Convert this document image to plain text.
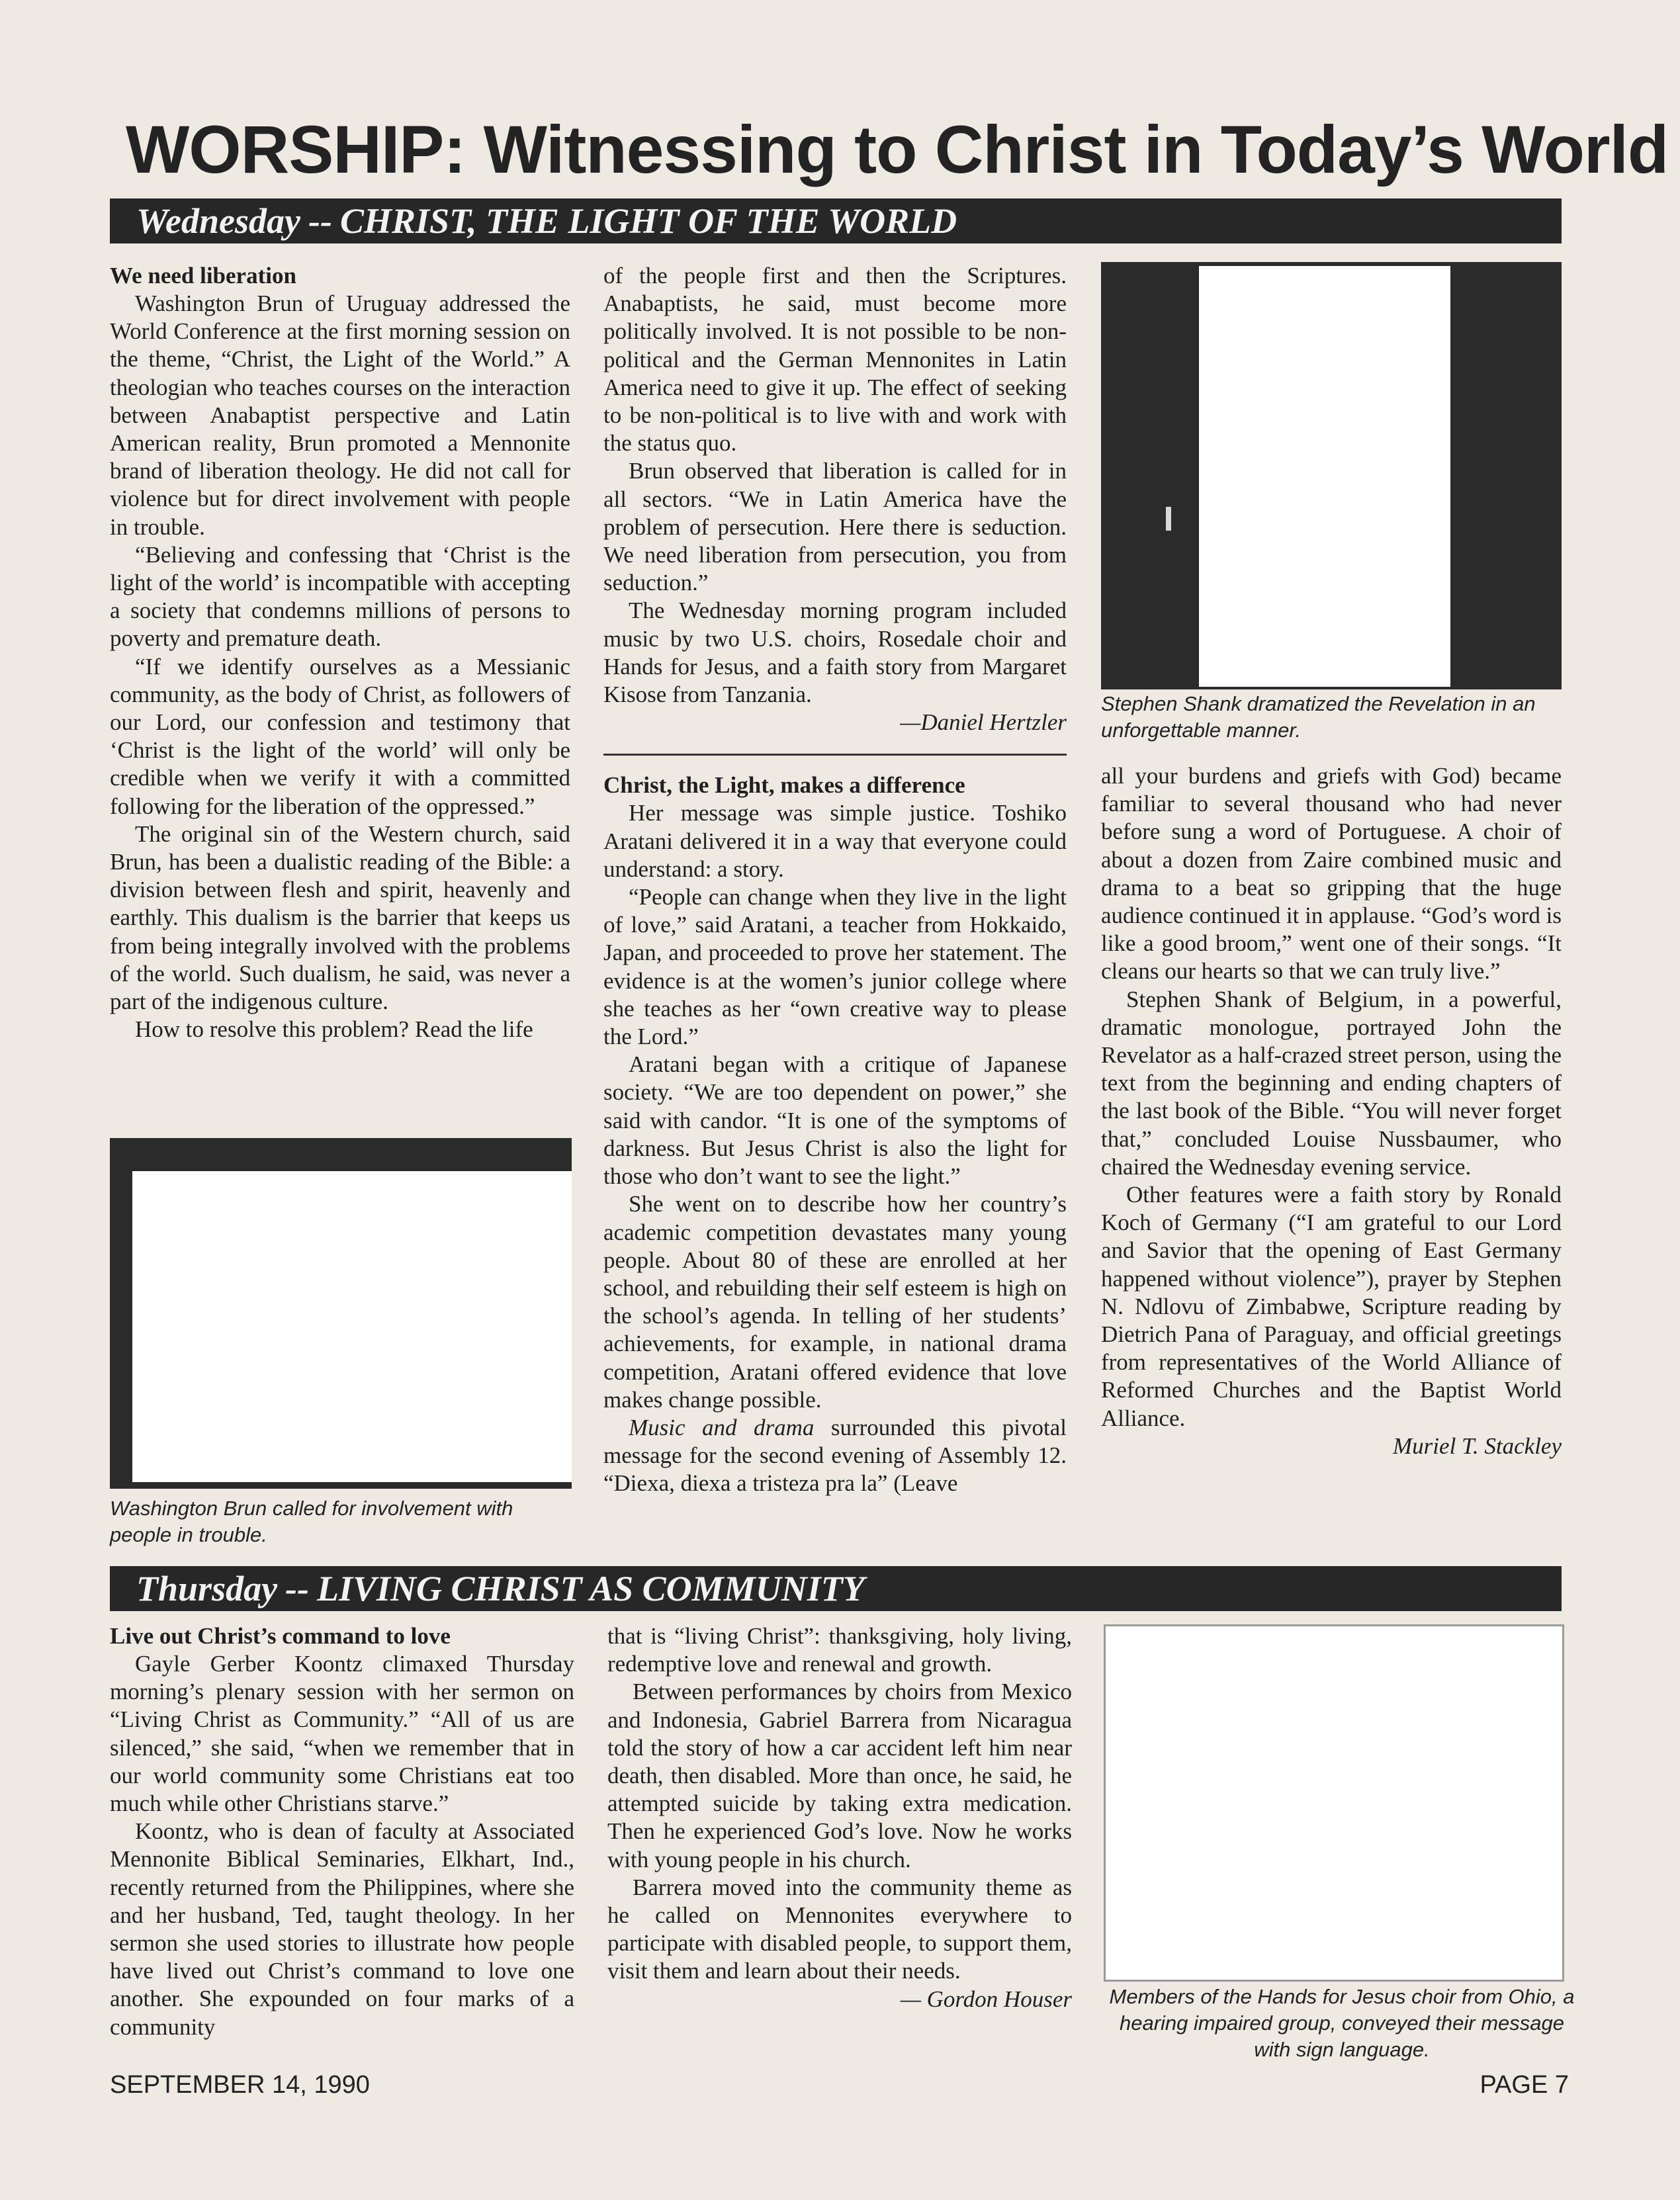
WORSHIP: Witnessing to Christ in Today’s World
Wednesday -- CHRIST, THE LIGHT OF THE WORLD
We need liberation

Washington Brun of Uruguay addressed the World Conference at the first morning session on the theme, “Christ, the Light of the World.” A theologian who teaches courses on the interaction between Anabaptist perspective and Latin American reality, Brun promoted a Mennonite brand of liberation theology. He did not call for violence but for direct involvement with people in trouble.

“Believing and confessing that ‘Christ is the light of the world’ is incompatible with accepting a society that condemns millions of persons to poverty and premature death.

“If we identify ourselves as a Messianic community, as the body of Christ, as followers of our Lord, our confession and testimony that ‘Christ is the light of the world’ will only be credible when we verify it with a committed following for the liberation of the oppressed.”

The original sin of the Western church, said Brun, has been a dualistic reading of the Bible: a division between flesh and spirit, heavenly and earthly. This dualism is the barrier that keeps us from being integrally involved with the problems of the world. Such dualism, he said, was never a part of the indigenous culture.

How to resolve this problem? Read the life

Washington Brun called for involvement with people in trouble.

of the people first and then the Scriptures. Anabaptists, he said, must become more politically involved. It is not possible to be non-political and the German Mennonites in Latin America need to give it up. The effect of seeking to be non-political is to live with and work with the status quo.

Brun observed that liberation is called for in all sectors. “We in Latin America have the problem of persecution. Here there is seduction. We need liberation from persecution, you from seduction.”

The Wednesday morning program included music by two U.S. choirs, Rosedale choir and Hands for Jesus, and a faith story from Margaret Kisose from Tanzania.

—Daniel Hertzler

Christ, the Light, makes a difference

Her message was simple justice. Toshiko Aratani delivered it in a way that everyone could understand: a story.

“People can change when they live in the light of love,” said Aratani, a teacher from Hokkaido, Japan, and proceeded to prove her statement. The evidence is at the women’s junior college where she teaches as her “own creative way to please the Lord.”

Aratani began with a critique of Japanese society. “We are too dependent on power,” she said with candor. “It is one of the symptoms of darkness. But Jesus Christ is also the light for those who don’t want to see the light.”

She went on to describe how her country’s academic competition devastates many young people. About 80 of these are enrolled at her school, and rebuilding their self esteem is high on the school’s agenda. In telling of her students’ achievements, for example, in national drama competition, Aratani offered evidence that love makes change possible.

Music and drama surrounded this pivotal message for the second evening of Assembly 12. “Diexa, diexa a tristeza pra la” (Leave

Stephen Shank dramatized the Revelation in an unforgettable manner.

all your burdens and griefs with God) became familiar to several thousand who had never before sung a word of Portuguese. A choir of about a dozen from Zaire combined music and drama to a beat so gripping that the huge audience continued it in applause. “God’s word is like a good broom,” went one of their songs. “It cleans our hearts so that we can truly live.”

Stephen Shank of Belgium, in a powerful, dramatic monologue, portrayed John the Revelator as a half-crazed street person, using the text from the beginning and ending chapters of the last book of the Bible. “You will never forget that,” concluded Louise Nussbaumer, who chaired the Wednesday evening service.

Other features were a faith story by Ronald Koch of Germany (“I am grateful to our Lord and Savior that the opening of East Germany happened without violence”), prayer by Stephen N. Ndlovu of Zimbabwe, Scripture reading by Dietrich Pana of Paraguay, and official greetings from representatives of the World Alliance of Reformed Churches and the Baptist World Alliance.

Muriel T. Stackley

Thursday -- LIVING CHRIST AS COMMUNITY
Live out Christ’s command to love

Gayle Gerber Koontz climaxed Thursday morning’s plenary session with her sermon on “Living Christ as Community.” “All of us are silenced,” she said, “when we remember that in our world community some Christians eat too much while other Christians starve.”

Koontz, who is dean of faculty at Associated Mennonite Biblical Seminaries, Elkhart, Ind., recently returned from the Philippines, where she and her husband, Ted, taught theology. In her sermon she used stories to illustrate how people have lived out Christ’s command to love one another. She expounded on four marks of a community

that is “living Christ”: thanksgiving, holy living, redemptive love and renewal and growth.

Between performances by choirs from Mexico and Indonesia, Gabriel Barrera from Nicaragua told the story of how a car accident left him near death, then disabled. More than once, he said, he attempted suicide by taking extra medication. Then he experienced God’s love. Now he works with young people in his church.

Barrera moved into the community theme as he called on Mennonites everywhere to participate with disabled people, to support them, visit them and learn about their needs.

— Gordon Houser Members of the Hands for Jesus choir from Ohio, a hearing impaired group, conveyed their message with sign language.
SEPTEMBER 14, 1990	PAGE 7
